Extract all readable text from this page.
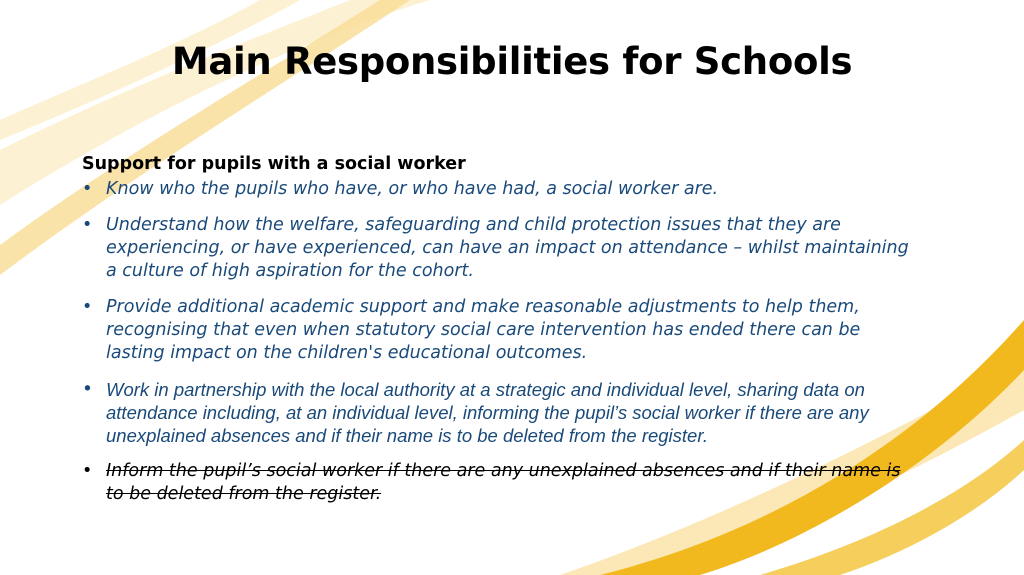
Main Responsibilities for Schools

Support for pupils with a social worker

• Know who the pupils who have, or who have had, a social worker are.
• Understand how the welfare, safeguarding and child protection issues that they are experiencing, or have experienced, can have an impact on attendance – whilst maintaining a culture of high aspiration for the cohort.
• Provide additional academic support and make reasonable adjustments to help them, recognising that even when statutory social care intervention has ended there can be lasting impact on the children's educational outcomes.
• Work in partnership with the local authority at a strategic and individual level, sharing data on attendance including, at an individual level, informing the pupil’s social worker if there are any unexplained absences and if their name is to be deleted from the register.
• Inform the pupil’s social worker if there are any unexplained absences and if their name is to be deleted from the register.
